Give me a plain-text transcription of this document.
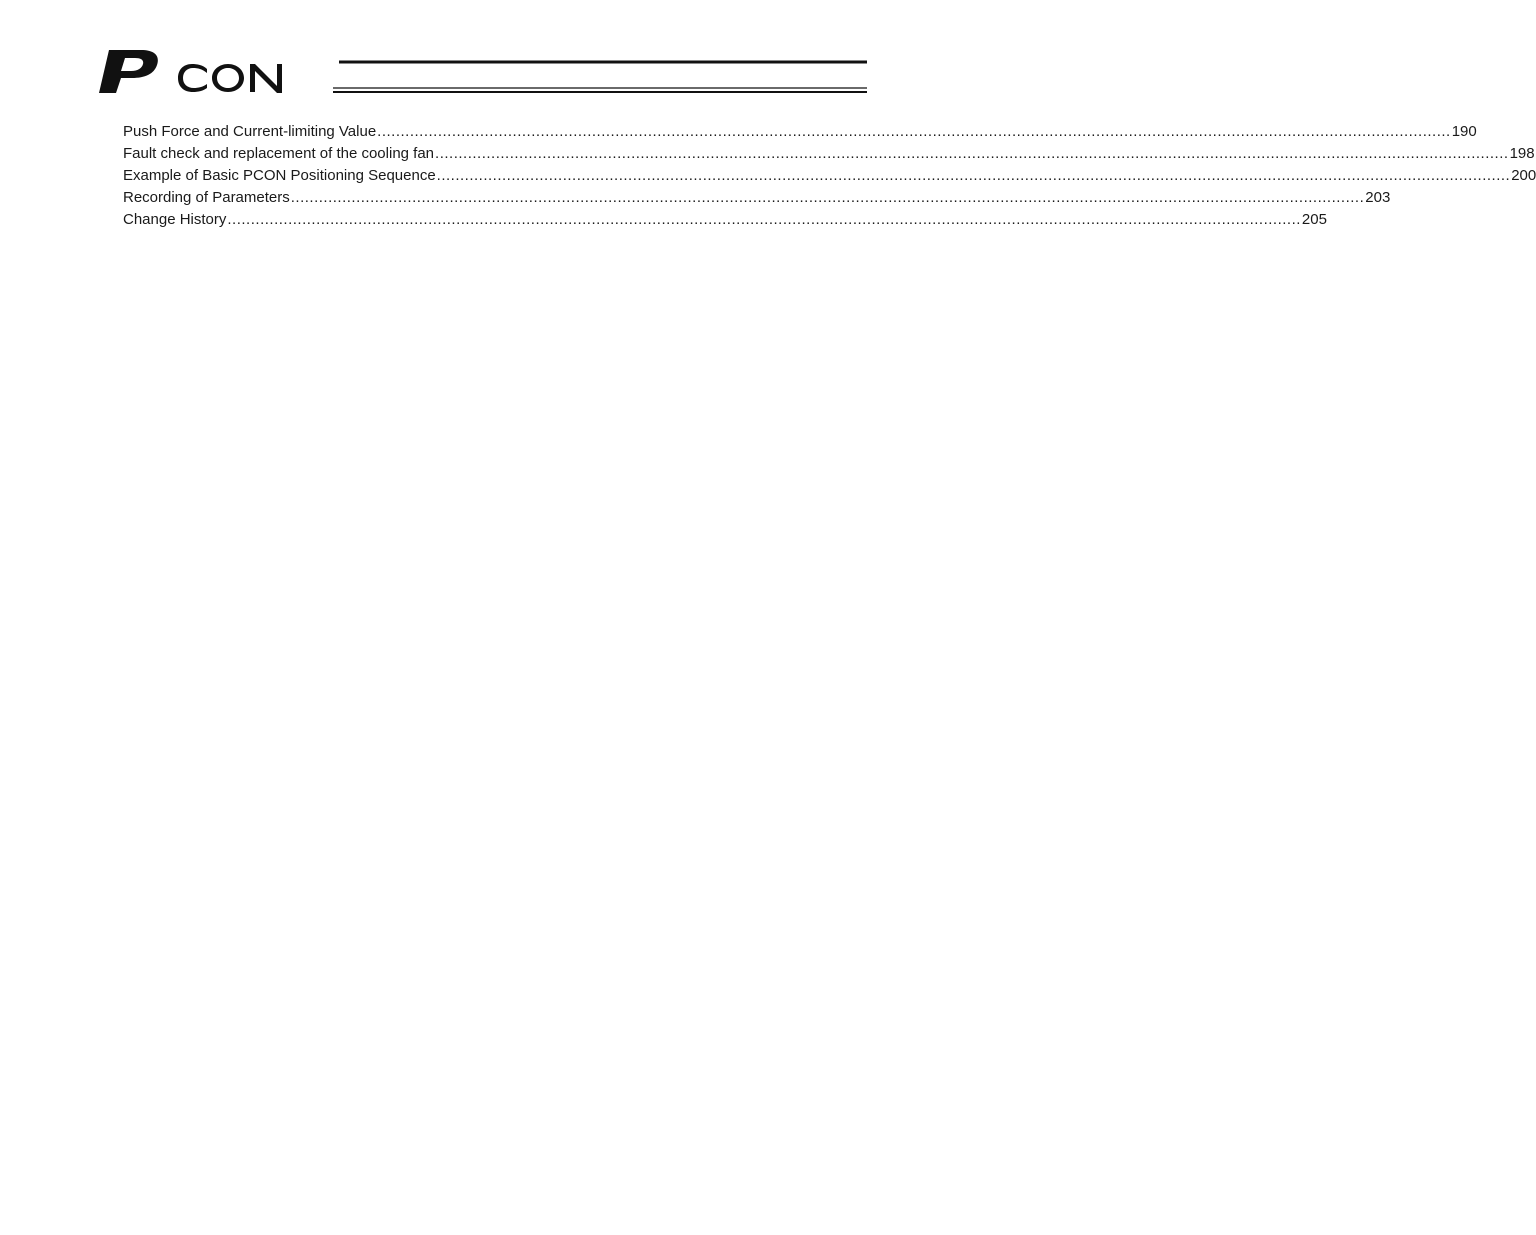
PCON
Push Force and Current-limiting Value .....	190
Fault check and replacement of the cooling fan .....	198
Example of Basic PCON Positioning Sequence .....	200
Recording of Parameters .....	203
Change History .....	205
